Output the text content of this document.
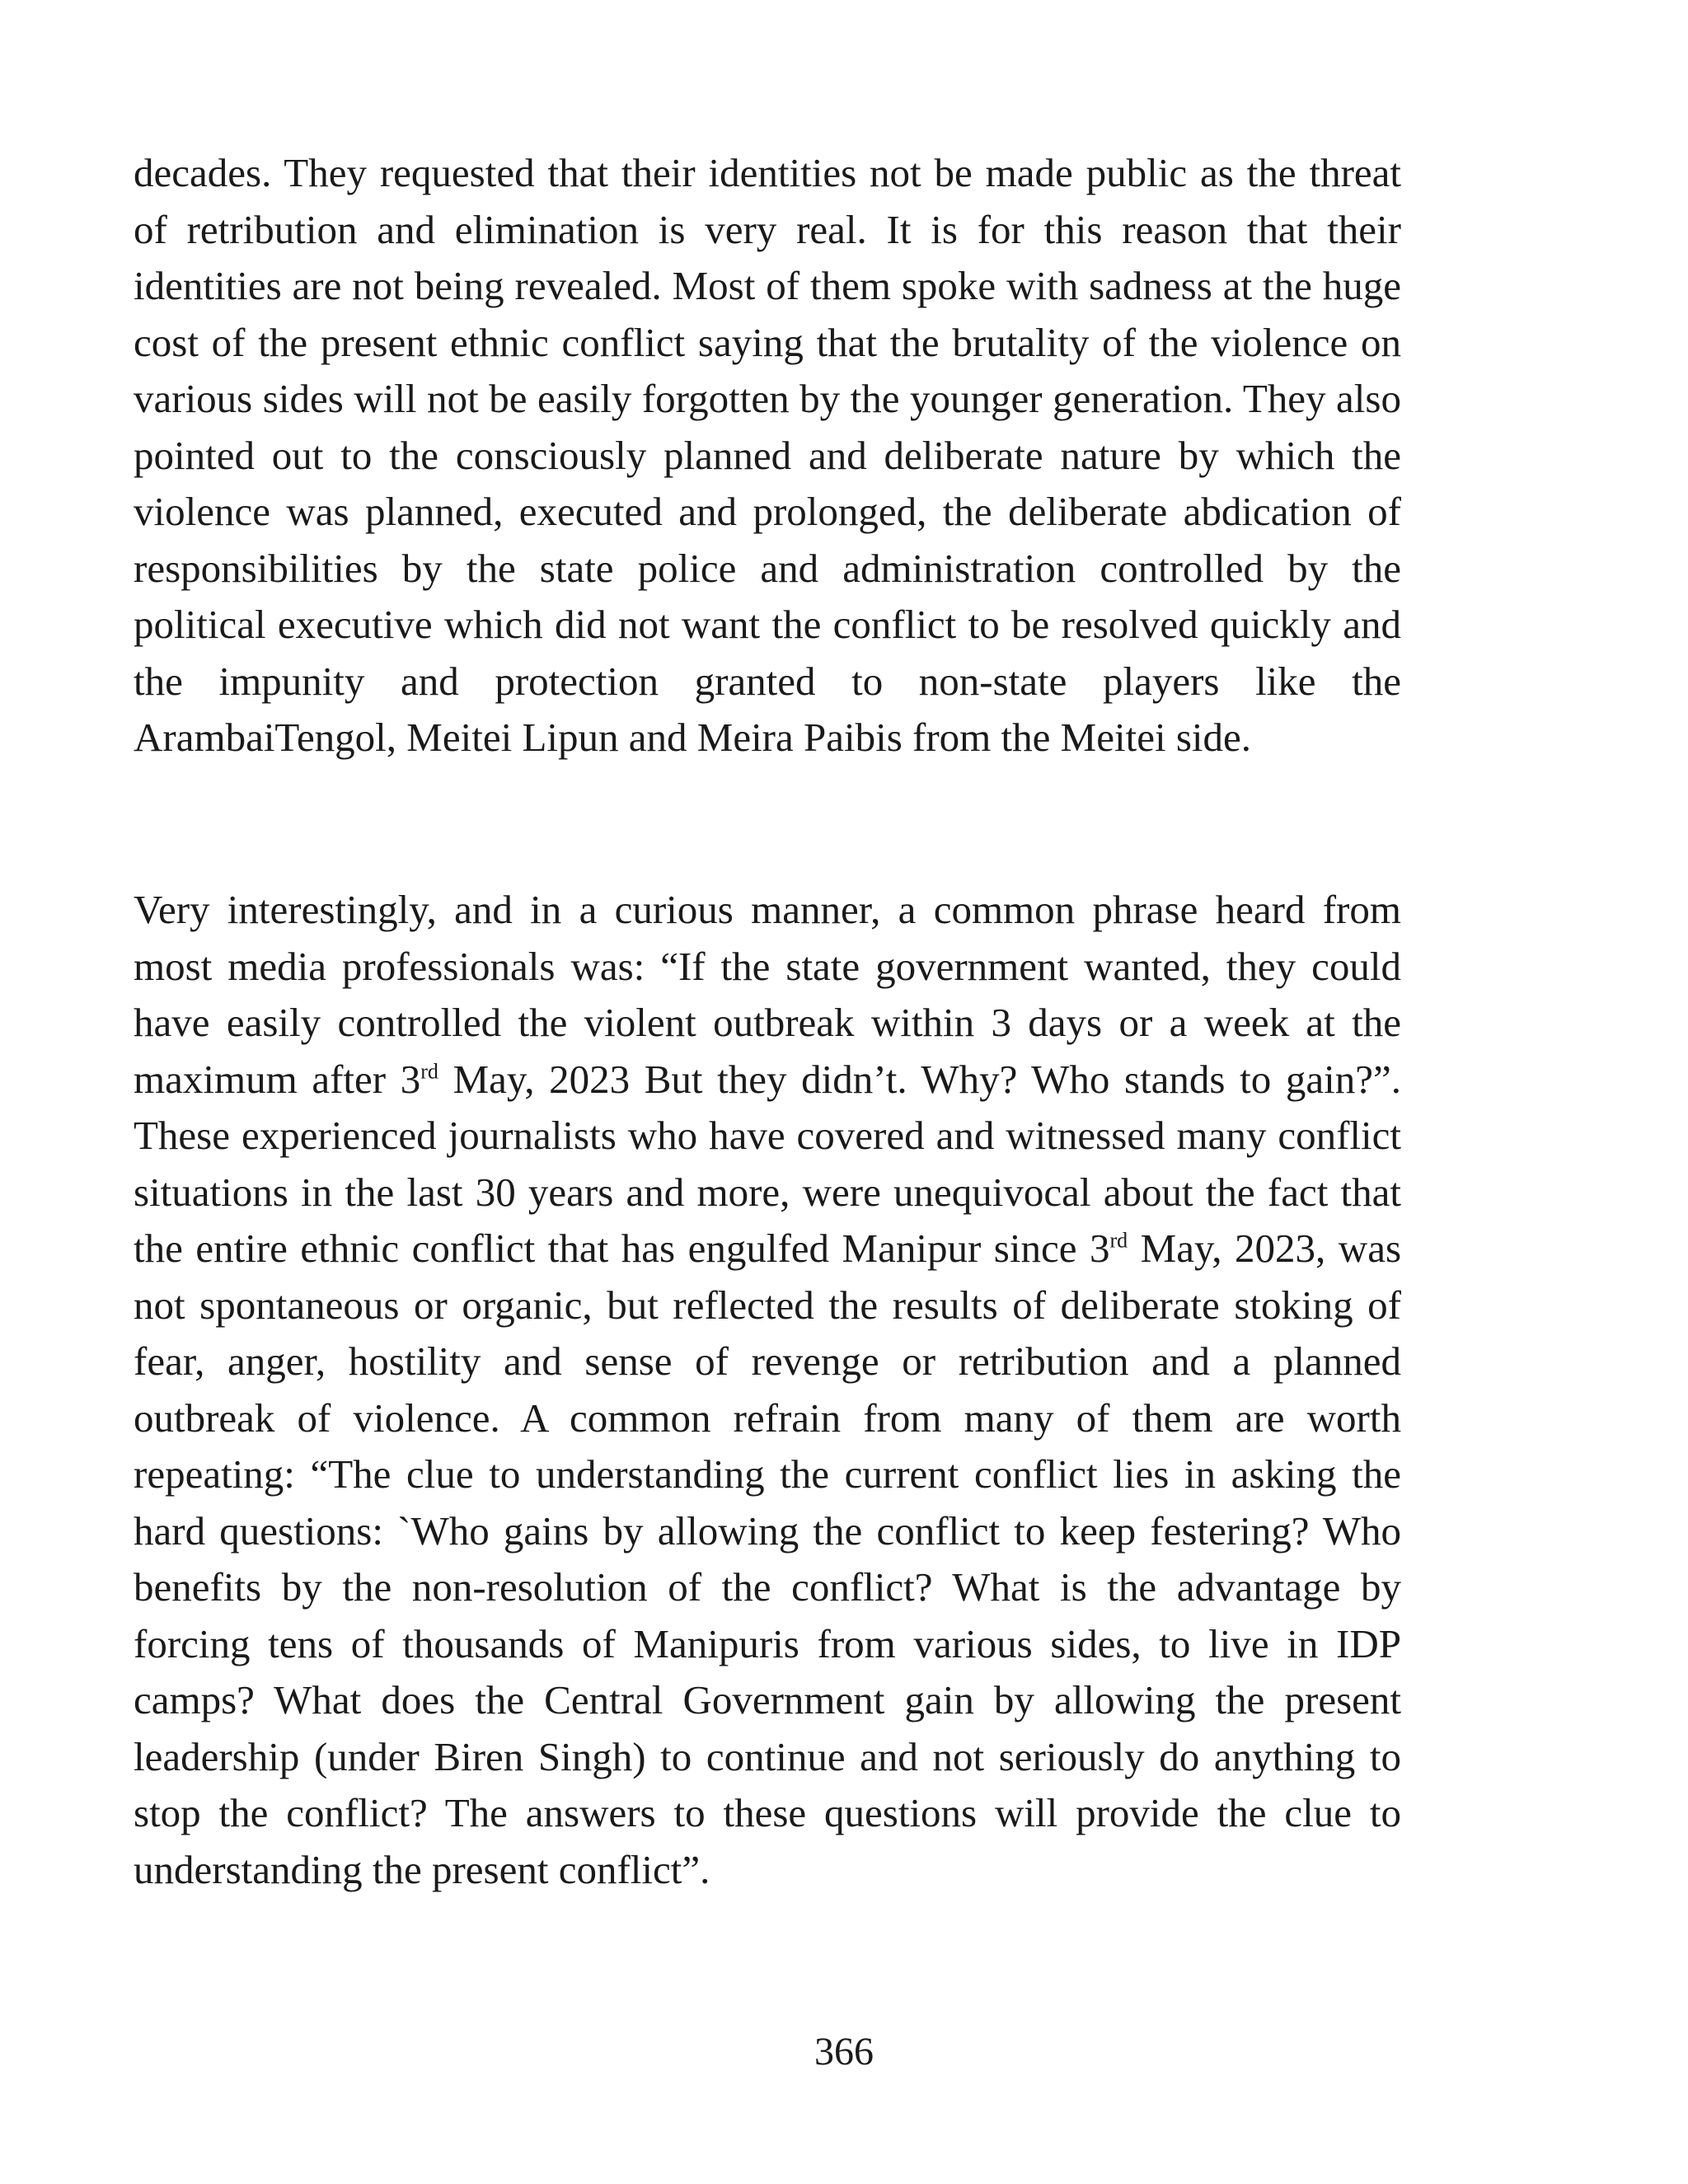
decades. They requested that their identities not be made public as the threat of retribution and elimination is very real. It is for this reason that their identities are not being revealed. Most of them spoke with sadness at the huge cost of the present ethnic conflict saying that the brutality of the violence on various sides will not be easily forgotten by the younger generation. They also pointed out to the consciously planned and deliberate nature by which the violence was planned, executed and prolonged, the deliberate abdication of responsibilities by the state police and administration controlled by the political executive which did not want the conflict to be resolved quickly and the impunity and protection granted to non-state players like the ArambaiTengol, Meitei Lipun and Meira Paibis from the Meitei side.

Very interestingly, and in a curious manner, a common phrase heard from most media professionals was: “If the state government wanted, they could have easily controlled the violent outbreak within 3 days or a week at the maximum after 3rd May, 2023 But they didn’t. Why? Who stands to gain?”. These experienced journalists who have covered and witnessed many conflict situations in the last 30 years and more, were unequivocal about the fact that the entire ethnic conflict that has engulfed Manipur since 3rd May, 2023, was not spontaneous or organic, but reflected the results of deliberate stoking of fear, anger, hostility and sense of revenge or retribution and a planned outbreak of violence. A common refrain from many of them are worth repeating: “The clue to understanding the current conflict lies in asking the hard questions: `Who gains by allowing the conflict to keep festering? Who benefits by the non-resolution of the conflict? What is the advantage by forcing tens of thousands of Manipuris from various sides, to live in IDP camps? What does the Central Government gain by allowing the present leadership (under Biren Singh) to continue and not seriously do anything to stop the conflict? The answers to these questions will provide the clue to understanding the present conflict”.

366
